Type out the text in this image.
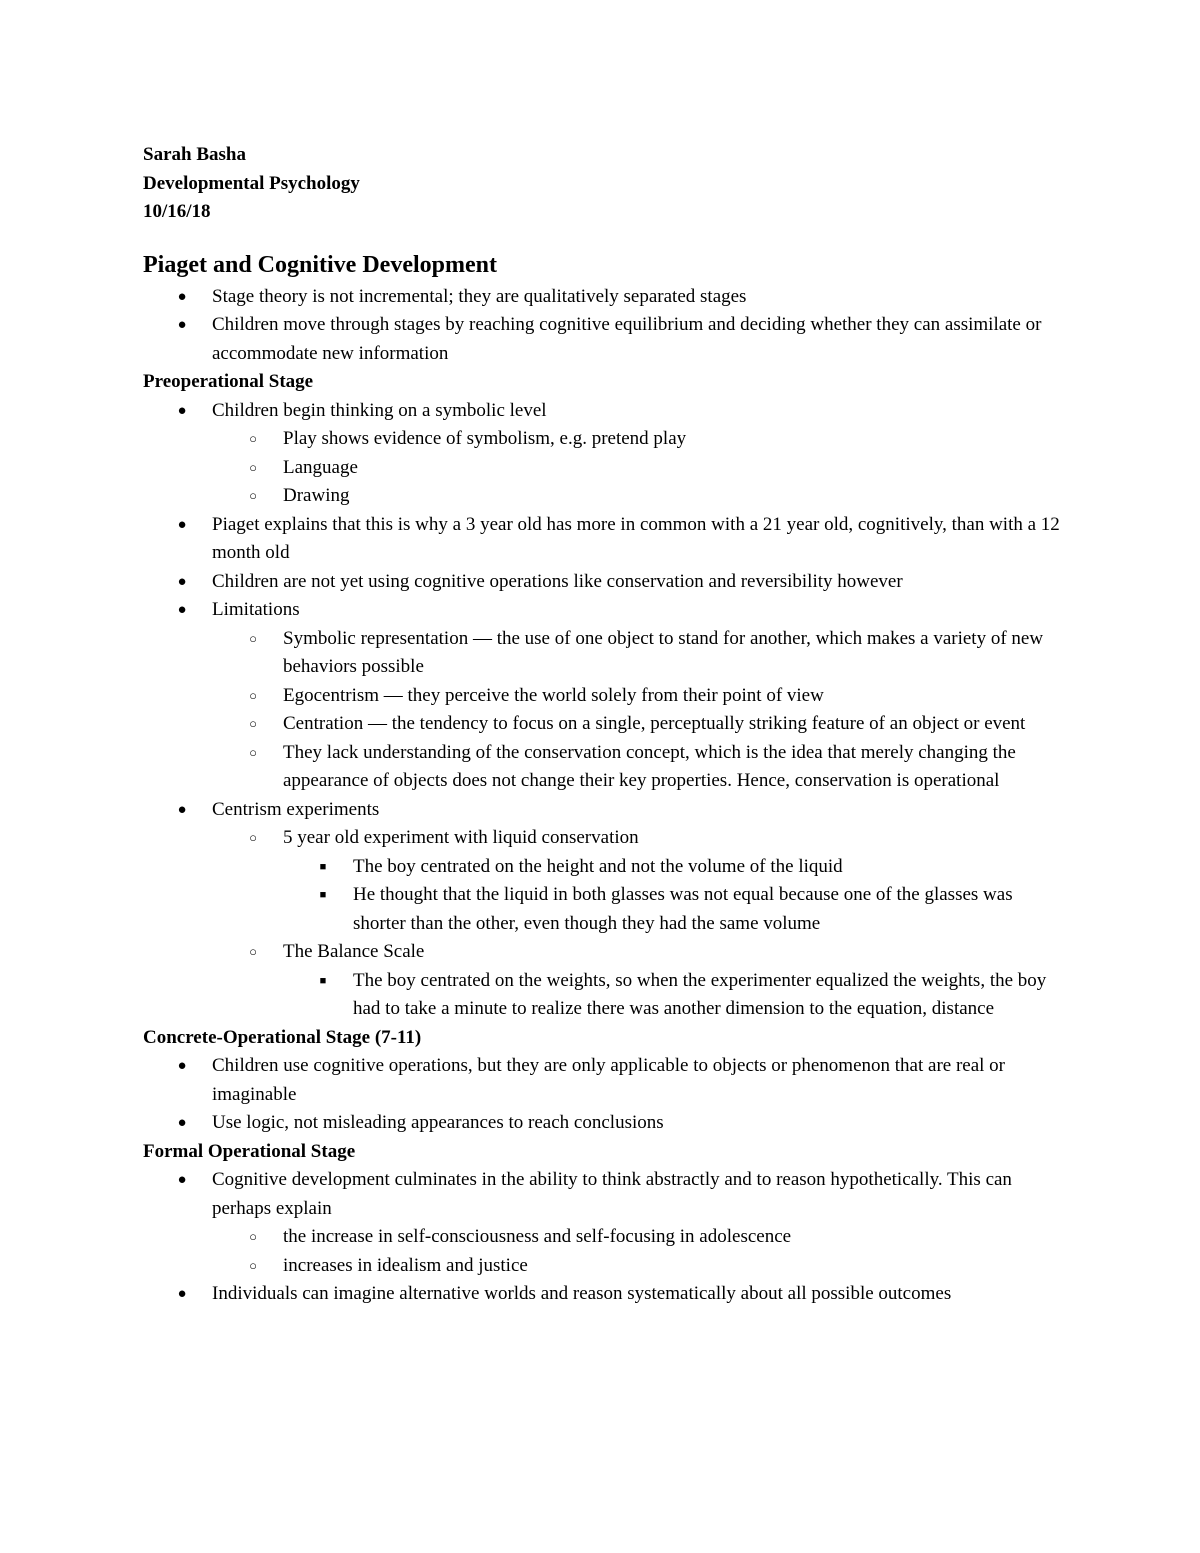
Sarah Basha
Developmental Psychology
10/16/18
Piaget and Cognitive Development
● Stage theory is not incremental; they are qualitatively separated stages
● Children move through stages by reaching cognitive equilibrium and deciding whether they can assimilate or accommodate new information
Preoperational Stage
● Children begin thinking on a symbolic level
○	Play shows evidence of symbolism, e.g. pretend play
○	Language
○	Drawing
● Piaget explains that this is why a 3 year old has more in common with a 21 year old, cognitively, than with a 12 month old
● Children are not yet using cognitive operations like conservation and reversibility however
● Limitations
○	Symbolic representation — the use of one object to stand for another, which makes a variety of new behaviors possible
○	Egocentrism — they perceive the world solely from their point of view
○	Centration — the tendency to focus on a single, perceptually striking feature of an object or event
○	They lack understanding of the conservation concept, which is the idea that merely changing the appearance of objects does not change their key properties. Hence, conservation is operational
● Centrism experiments
○	5 year old experiment with liquid conservation
■	The boy centrated on the height and not the volume of the liquid
■	He thought that the liquid in both glasses was not equal because one of the glasses was shorter than the other, even though they had the same volume
○	The Balance Scale
■	The boy centrated on the weights, so when the experimenter equalized the weights, the boy had to take a minute to realize there was another dimension to the equation, distance
Concrete-Operational Stage (7-11)
● Children use cognitive operations, but they are only applicable to objects or phenomenon that are real or imaginable
● Use logic, not misleading appearances to reach conclusions
Formal Operational Stage
● Cognitive development culminates in the ability to think abstractly and to reason hypothetically. This can perhaps explain
○	the increase in self-consciousness and self-focusing in adolescence
○	increases in idealism and justice
● Individuals can imagine alternative worlds and reason systematically about all possible outcomes
